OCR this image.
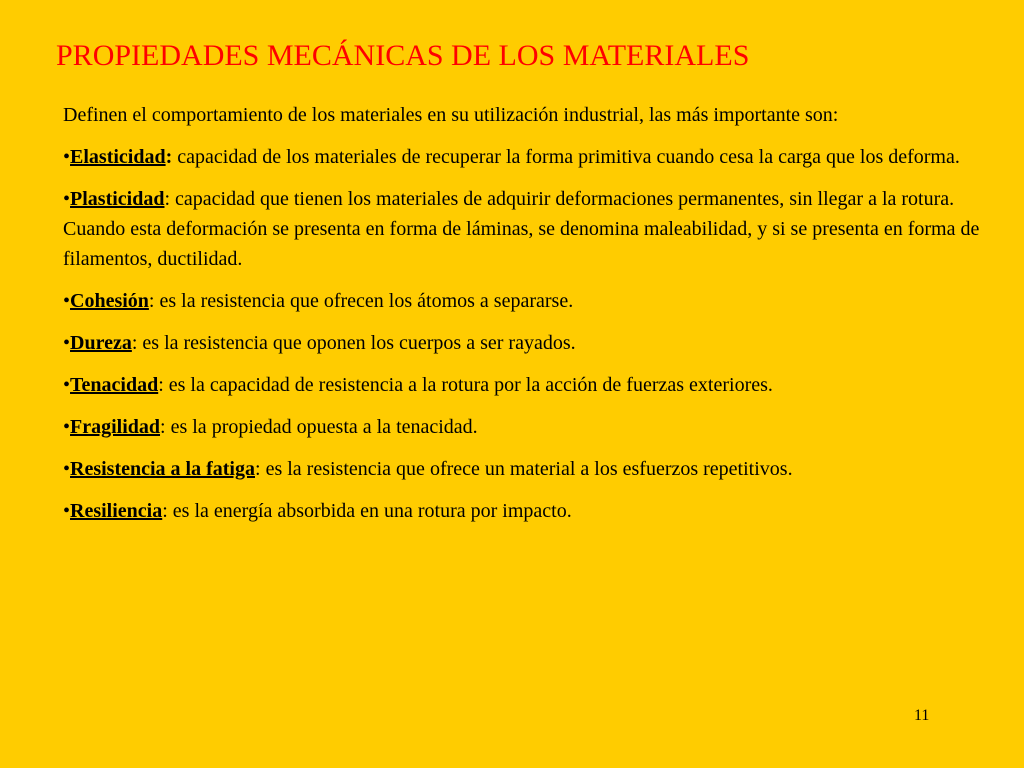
PROPIEDADES MECÁNICAS DE LOS MATERIALES

Definen el comportamiento de los materiales en su utilización industrial, las más importante son:

•Elasticidad: capacidad de los materiales de recuperar la forma primitiva cuando cesa la carga que los deforma.

•Plasticidad: capacidad que tienen los materiales de adquirir deformaciones permanentes, sin llegar a la rotura. Cuando esta deformación se presenta en forma de láminas, se denomina maleabilidad, y si se presenta en forma de filamentos, ductilidad.

•Cohesión: es la resistencia que ofrecen los átomos a separarse.

•Dureza: es la resistencia que oponen los cuerpos a ser rayados.

•Tenacidad: es la capacidad de resistencia a la rotura por la acción de fuerzas exteriores.

•Fragilidad: es la propiedad opuesta a la tenacidad.

•Resistencia a la fatiga: es la resistencia que ofrece un material a los esfuerzos repetitivos.

•Resiliencia: es la energía absorbida en una rotura por impacto.

11
